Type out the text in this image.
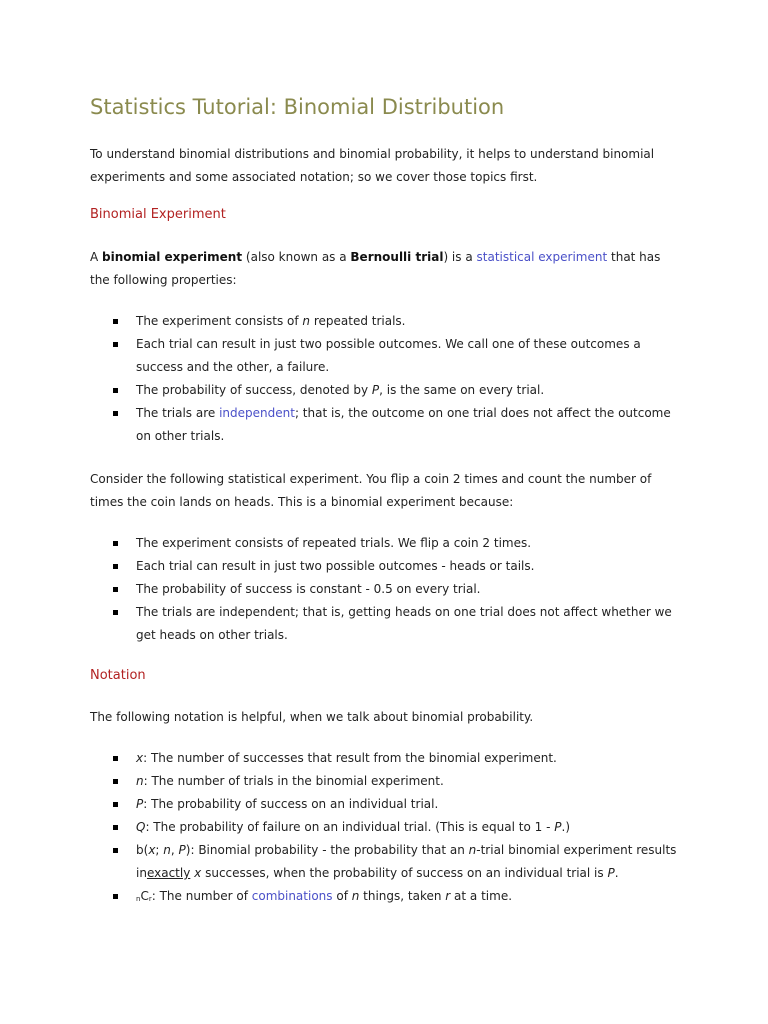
Statistics Tutorial: Binomial Distribution

To understand binomial distributions and binomial probability, it helps to understand binomial experiments and some associated notation; so we cover those topics first.

Binomial Experiment

A binomial experiment (also known as a Bernoulli trial) is a statistical experiment that has the following properties:

The experiment consists of n repeated trials.
Each trial can result in just two possible outcomes. We call one of these outcomes a success and the other, a failure.
The probability of success, denoted by P, is the same on every trial.
The trials are independent; that is, the outcome on one trial does not affect the outcome on other trials.

Consider the following statistical experiment. You flip a coin 2 times and count the number of times the coin lands on heads. This is a binomial experiment because:

The experiment consists of repeated trials. We flip a coin 2 times.
Each trial can result in just two possible outcomes - heads or tails.
The probability of success is constant - 0.5 on every trial.
The trials are independent; that is, getting heads on one trial does not affect whether we get heads on other trials.
Notation

The following notation is helpful, when we talk about binomial probability.

x: The number of successes that result from the binomial experiment.
n: The number of trials in the binomial experiment.
P: The probability of success on an individual trial.
Q: The probability of failure on an individual trial. (This is equal to 1 - P.)
b(x; n, P): Binomial probability - the probability that an n-trial binomial experiment results inexactly x successes, when the probability of success on an individual trial is P.
$_nC_r$: The number of combinations of n things, taken r at a time.
